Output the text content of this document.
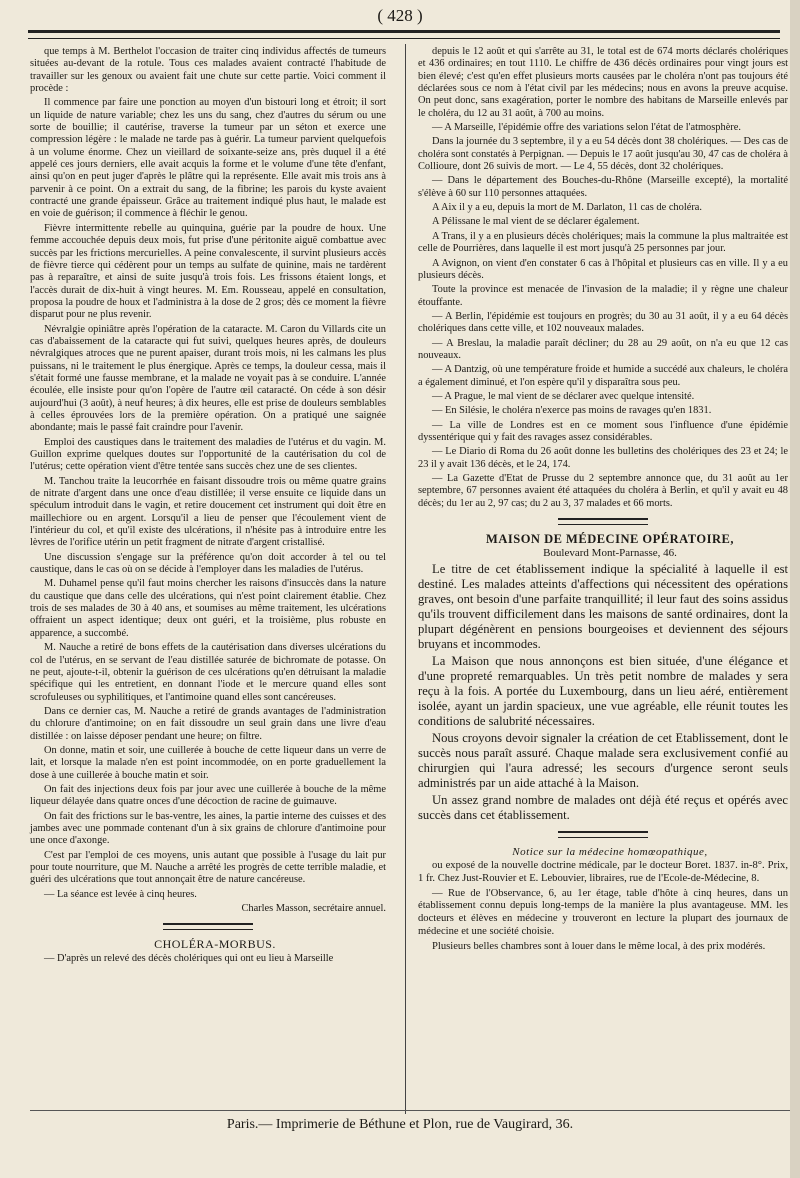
( 428 )

que temps à M. Berthelot l'occasion de traiter cinq individus affectés de tumeurs situées au-devant de la rotule. Tous ces malades avaient contracté l'habitude de travailler sur les genoux ou avaient fait une chute sur cette partie. Voici comment il procède :

Il commence par faire une ponction au moyen d'un bistouri long et étroit; il sort un liquide de nature variable; chez les uns du sang, chez d'autres du sérum ou une sorte de bouillie; il cautérise, traverse la tumeur par un séton et exerce une compression légère : le malade ne tarde pas à guérir. La tumeur parvient quelquefois à un volume énorme. Chez un vieillard de soixante-seize ans, près duquel il a été appelé ces jours derniers, elle avait acquis la forme et le volume d'une tête d'enfant, ainsi qu'on en peut juger d'après le plâtre qui la représente. Elle avait mis trois ans à parvenir à ce point. On a extrait du sang, de la fibrine; les parois du kyste avaient contracté une grande épaisseur. Grâce au traitement indiqué plus haut, le malade est en voie de guérison; il commence à fléchir le genou.

Fièvre intermittente rebelle au quinquina, guérie par la poudre de houx. Une femme accouchée depuis deux mois, fut prise d'une péritonite aiguë combattue avec succès par les frictions mercurielles. A peine convalescente, il survint plusieurs accès de fièvre tierce qui cédèrent pour un temps au sulfate de quinine, mais ne tardèrent pas à reparaître, et ainsi de suite jusqu'à trois fois. Les frissons étaient longs, et l'accès durait de dix-huit à vingt heures. M. Em. Rousseau, appelé en consultation, proposa la poudre de houx et l'administra à la dose de 2 gros; dès ce moment la fièvre disparut pour ne plus revenir.

Névralgie opiniâtre après l'opération de la cataracte. M. Caron du Villards cite un cas d'abaissement de la cataracte qui fut suivi, quelques heures après, de douleurs névralgiques atroces que ne purent apaiser, durant trois mois, ni les calmans les plus puissans, ni le traitement le plus énergique. Après ce temps, la douleur cessa, mais il s'était formé une fausse membrane, et la malade ne voyait pas à se conduire. L'année écoulée, elle insiste pour qu'on l'opère de l'autre œil cataracté. On céde à son désir aujourd'hui (3 août), à neuf heures; à dix heures, elle est prise de douleurs semblables à celles éprouvées lors de la première opération. On a pratiqué une saignée abondante; mais le passé fait craindre pour l'avenir.

Emploi des caustiques dans le traitement des maladies de l'utérus et du vagin. M. Guillon exprime quelques doutes sur l'opportunité de la cautérisation du col de l'utérus; cette opération vient d'être tentée sans succès chez une de ses clientes.

M. Tanchou traite la leucorrhée en faisant dissoudre trois ou même quatre grains de nitrate d'argent dans une once d'eau distillée; il verse ensuite ce liquide dans un spéculum introduit dans le vagin, et retire doucement cet instrument qui doit être en maillechiore ou en argent. Lorsqu'il a lieu de penser que l'écoulement vient de l'intérieur du col, et qu'il existe des ulcérations, il n'hésite pas à introduire entre les lèvres de l'orifice utérin un petit fragment de nitrate d'argent cristallisé.

Une discussion s'engage sur la préférence qu'on doit accorder à tel ou tel caustique, dans le cas où on se décide à l'employer dans les maladies de l'utérus.

M. Duhamel pense qu'il faut moins chercher les raisons d'insuccès dans la nature du caustique que dans celle des ulcérations, qui n'est point clairement établie. Chez trois de ses malades de 30 à 40 ans, et soumises au même traitement, les ulcérations offraient un aspect identique; deux ont guéri, et la troisième, plus robuste en apparence, a succombé.

M. Nauche a retiré de bons effets de la cautérisation dans diverses ulcérations du col de l'utérus, en se servant de l'eau distillée saturée de bichromate de potasse. On ne peut, ajoute-t-il, obtenir la guérison de ces ulcérations qu'en détruisant la maladie spécifique qui les entretient, en donnant l'iode et le mercure quand elles sont scrofuleuses ou syphilitiques, et l'antimoine quand elles sont cancéreuses.

Dans ce dernier cas, M. Nauche a retiré de grands avantages de l'administration du chlorure d'antimoine; on en fait dissoudre un seul grain dans une livre d'eau distillée : on laisse déposer pendant une heure; on filtre.

On donne, matin et soir, une cuillerée à bouche de cette liqueur dans un verre de lait, et lorsque la malade n'en est point incommodée, on en porte graduellement la dose à une cuillerée à bouche matin et soir.

On fait des injections deux fois par jour avec une cuillerée à bouche de la même liqueur délayée dans quatre onces d'une décoction de racine de guimauve.

On fait des frictions sur le bas-ventre, les aines, la partie interne des cuisses et des jambes avec une pommade contenant d'un à six grains de chlorure d'antimoine pour une once d'axonge.

C'est par l'emploi de ces moyens, unis autant que possible à l'usage du lait pur pour toute nourriture, que M. Nauche a arrêté les progrès de cette terrible maladie, et guéri des ulcérations que tout annonçait être de nature cancéreuse.

— La séance est levée à cinq heures.

Charles Masson, secrétaire annuel.

CHOLÉRA-MORBUS.

— D'après un relevé des décès cholériques qui ont eu lieu à Marseille

depuis le 12 août et qui s'arrête au 31, le total est de 674 morts déclarés cholériques et 436 ordinaires; en tout 1110. Le chiffre de 436 décès ordinaires pour vingt jours est bien élevé; c'est qu'en effet plusieurs morts causées par le choléra n'ont pas toujours été déclarées sous ce nom à l'état civil par les médecins; nous en avons la preuve acquise. On peut donc, sans exagération, porter le nombre des habitans de Marseille enlevés par le choléra, du 12 au 31 août, à 700 au moins.

— A Marseille, l'épidémie offre des variations selon l'état de l'atmosphère.

Dans la journée du 3 septembre, il y a eu 54 décès dont 38 cholériques. — Des cas de choléra sont constatés à Perpignan. — Depuis le 17 août jusqu'au 30, 47 cas de choléra à Collioure, dont 26 suivis de mort. — Le 4, 55 décès, dont 32 cholériques.

— Dans le département des Bouches-du-Rhône (Marseille excepté), la mortalité s'élève à 60 sur 110 personnes attaquées.

A Aix il y a eu, depuis la mort de M. Darlaton, 11 cas de choléra.

A Pélissane le mal vient de se déclarer également.

A Trans, il y a en plusieurs décès cholériques; mais la commune la plus maltraitée est celle de Pourrières, dans laquelle il est mort jusqu'à 25 personnes par jour.

A Avignon, on vient d'en constater 6 cas à l'hôpital et plusieurs cas en ville. Il y a eu plusieurs décès.

Toute la province est menacée de l'invasion de la maladie; il y règne une chaleur étouffante.

— A Berlin, l'épidémie est toujours en progrès; du 30 au 31 août, il y a eu 64 décès cholériques dans cette ville, et 102 nouveaux malades.

— A Breslau, la maladie paraît décliner; du 28 au 29 août, on n'a eu que 12 cas nouveaux.

— A Dantzig, où une température froide et humide a succédé aux chaleurs, le choléra a également diminué, et l'on espère qu'il y disparaîtra sous peu.

— A Prague, le mal vient de se déclarer avec quelque intensité.

— En Silésie, le choléra n'exerce pas moins de ravages qu'en 1831.

— La ville de Londres est en ce moment sous l'influence d'une épidémie dyssentérique qui y fait des ravages assez considérables.

— Le Diario di Roma du 26 août donne les bulletins des cholériques des 23 et 24; le 23 il y avait 136 décès, et le 24, 174.

— La Gazette d'Etat de Prusse du 2 septembre annonce que, du 31 août au 1er septembre, 67 personnes avaient été attaquées du choléra à Berlin, et qu'il y avait eu 48 décès; du 1er au 2, 97 cas; du 2 au 3, 37 malades et 66 morts.

MAISON DE MÉDECINE OPÉRATOIRE,

Boulevard Mont-Parnasse, 46.

Le titre de cet établissement indique la spécialité à laquelle il est destiné. Les malades atteints d'affections qui nécessitent des opérations graves, ont besoin d'une parfaite tranquillité; il leur faut des soins assidus qu'ils trouvent difficilement dans les maisons de santé ordinaires, dont la plupart dégénèrent en pensions bourgeoises et deviennent des séjours bruyans et incommodes.

La Maison que nous annonçons est bien située, d'une élégance et d'une propreté remarquables. Un très petit nombre de malades y sera reçu à la fois. A portée du Luxembourg, dans un lieu aéré, entièrement isolée, ayant un jardin spacieux, une vue agréable, elle réunit toutes les conditions de salubrité nécessaires.

Nous croyons devoir signaler la création de cet Etablissement, dont le succès nous paraît assuré. Chaque malade sera exclusivement confié au chirurgien qui l'aura adressé; les secours d'urgence seront seuls administrés par un aide attaché à la Maison.

Un assez grand nombre de malades ont déjà été reçus et opérés avec succès dans cet établissement.

Notice sur la médecine homœopathique,

ou exposé de la nouvelle doctrine médicale, par le docteur Boret. 1837. in-8°. Prix, 1 fr. Chez Just-Rouvier et E. Lebouvier, libraires, rue de l'Ecole-de-Médecine, 8.

— Rue de l'Observance, 6, au 1er étage, table d'hôte à cinq heures, dans un établissement connu depuis long-temps de la manière la plus avantageuse. MM. les docteurs et élèves en médecine y trouveront en lecture la plupart des journaux de médecine et une société choisie.

Plusieurs belles chambres sont à louer dans le même local, à des prix modérés.

Paris.— Imprimerie de Béthune et Plon, rue de Vaugirard, 36.
